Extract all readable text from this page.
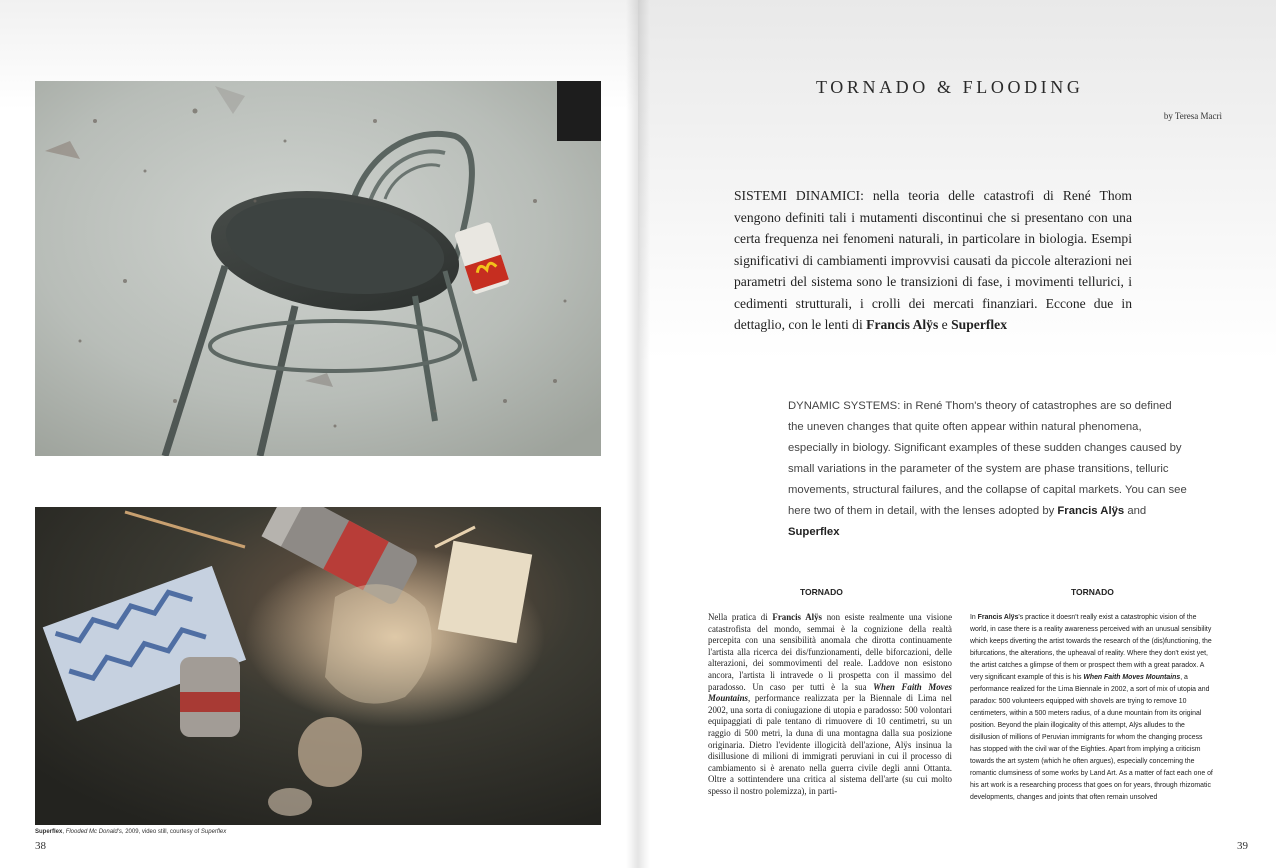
Superflex, Flooded Mc Donald's, 2009, video still, courtesy of Superflex
38
TORNADO & FLOODING
by Teresa Macrì
SISTEMI DINAMICI: nella teoria delle catastrofi di René Thom vengono definiti tali i mutamenti discontinui che si presentano con una certa frequenza nei fenomeni naturali, in particolare in biologia. Esempi significativi di cambiamenti improvvisi causati da piccole alterazioni nei parametri del sistema sono le transizioni di fase, i movimenti tellurici, i cedimenti strutturali, i crolli dei mercati finanziari. Eccone due in dettaglio, con le lenti di Francis Alÿs e Superflex
DYNAMIC SYSTEMS: in René Thom's theory of catastrophes are so defined the uneven changes that quite often appear within natural phenomena, especially in biology. Significant examples of these sudden changes caused by small variations in the parameter of the system are phase transitions, telluric movements, structural failures, and the collapse of capital markets. You can see here two of them in detail, with the lenses adopted by Francis Alÿs and Superflex
TORNADO	TORNADO
Nella pratica di Francis Alÿs non esiste realmente una visione catastrofista del mondo, semmai è la cognizione della realtà percepita con una sensibilità anomala che dirotta continuamente l'artista alla ricerca dei dis/funzionamenti, delle biforcazioni, delle alterazioni, dei sommovimenti del reale. Laddove non esistono ancora, l'artista li intravede o li prospetta con il massimo del paradosso. Un caso per tutti è la sua When Faith Moves Mountains, performance realizzata per la Biennale di Lima nel 2002, una sorta di coniugazione di utopia e paradosso: 500 volontari equipaggiati di pale tentano di rimuovere di 10 centimetri, su un raggio di 500 metri, la duna di una montagna dalla sua posizione originaria. Dietro l'evidente illogicità dell'azione, Alÿs insinua la disillusione di milioni di immigrati peruviani in cui il processo di cambiamento si è arenato nella guerra civile degli anni Ottanta. Oltre a sottintendere una critica al sistema dell'arte (su cui molto spesso il nostro polemizza), in parti-
In Francis Alÿs's practice it doesn't really exist a catastrophic vision of the world, in case there is a reality awareness perceived with an unusual sensibility which keeps diverting the artist towards the research of the (dis)functioning, the bifurcations, the alterations, the upheaval of reality. Where they don't exist yet, the artist catches a glimpse of them or prospect them with a great paradox. A very significant example of this is his When Faith Moves Mountains, a performance realized for the Lima Biennale in 2002, a sort of mix of utopia and paradox: 500 volunteers equipped with shovels are trying to remove 10 centimeters, within a 500 meters radius, of a dune mountain from its original position. Beyond the plain illogicality of this attempt, Alÿs alludes to the disillusion of millions of Peruvian immigrants for whom the changing process has stopped with the civil war of the Eighties. Apart from implying a criticism towards the art system (which he often argues), especially concerning the romantic clumsiness of some works by Land Art. As a matter of fact each one of his art work is a researching process that goes on for years, through rhizomatic developments, changes and joints that often remain unsolved
39
